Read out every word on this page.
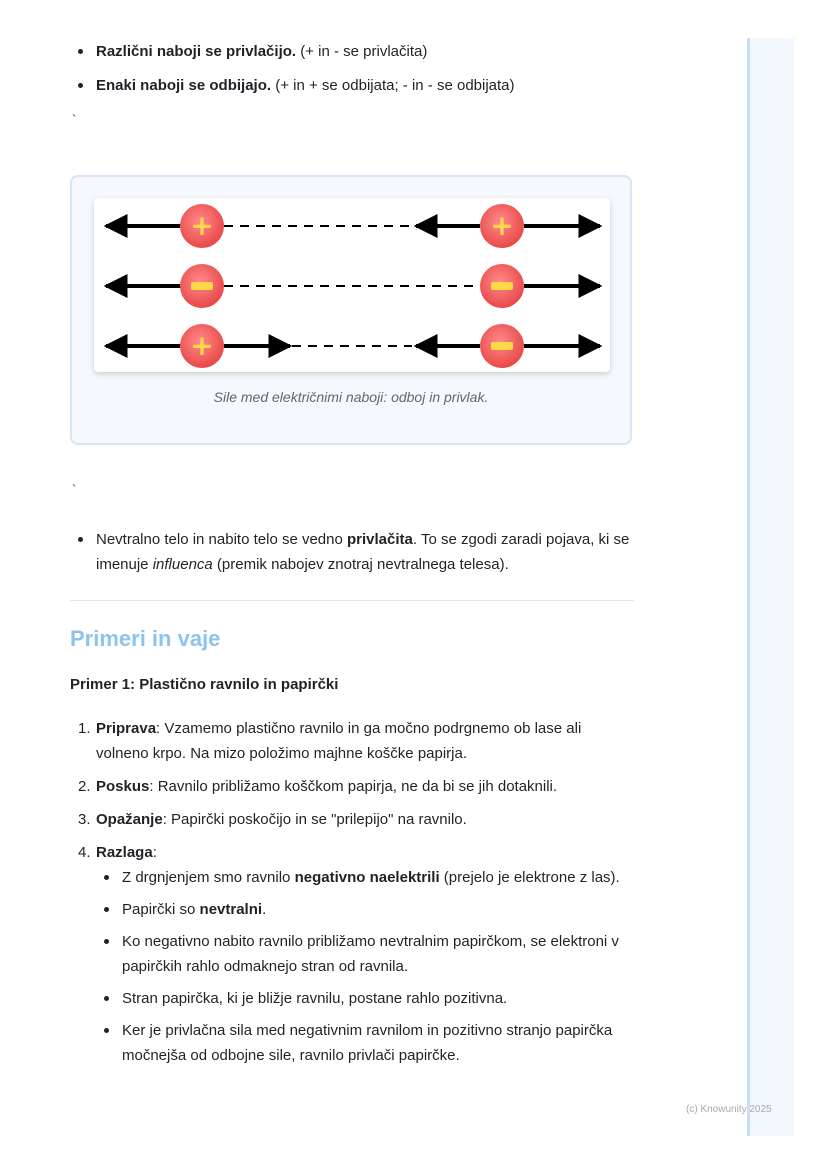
Različni naboji se privlačijo. (+ in - se privlačita)
Enaki naboji se odbijajo. (+ in + se odbijata; - in - se odbijata)
`
+	+
+
Sile med električnimi naboji: odboj in privlak.
`
Nevtralno telo in nabito telo se vedno privlačita. To se zgodi zaradi pojava, ki se imenuje influenca (premik nabojev znotraj nevtralnega telesa).
Primeri in vaje
Primer 1: Plastično ravnilo in papirčki
Priprava: Vzamemo plastično ravnilo in ga močno podrgnemo ob lase ali volneno krpo. Na mizo položimo majhne koščke papirja.
Poskus: Ravnilo približamo koščkom papirja, ne da bi se jih dotaknili.
Opažanje: Papirčki poskočijo in se "prilepijo" na ravnilo.
Razlaga:
Z drgnjenjem smo ravnilo negativno naelektrili (prejelo je elektrone z las).
Papirčki so nevtralni.
Ko negativno nabito ravnilo približamo nevtralnim papirčkom, se elektroni v papirčkih rahlo odmaknejo stran od ravnila.
Stran papirčka, ki je bližje ravnilu, postane rahlo pozitivna.
Ker je privlačna sila med negativnim ravnilom in pozitivno stranjo papirčka močnejša od odbojne sile, ravnilo privlači papirčke.
(c) Knowunity 2025
